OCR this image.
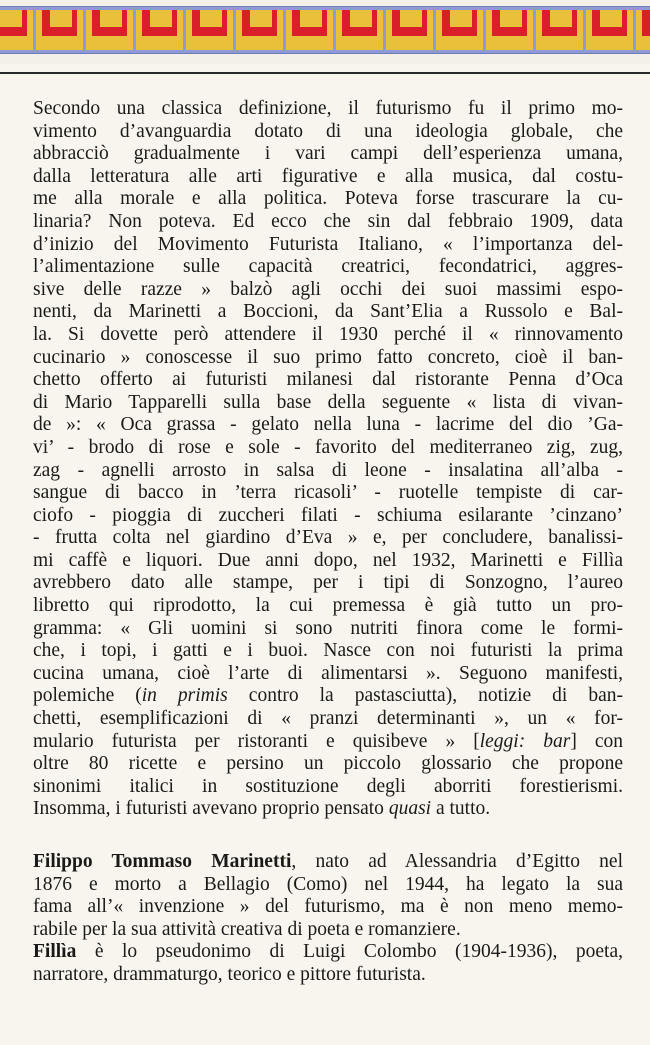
Secondo una classica definizione, il futurismo fu il primo mo-
vimento d’avanguardia dotato di una ideologia globale, che
abbracciò gradualmente i vari campi dell’esperienza umana,
dalla letteratura alle arti figurative e alla musica, dal costu-
me alla morale e alla politica. Poteva forse trascurare la cu-
linaria? Non poteva. Ed ecco che sin dal febbraio 1909, data
d’inizio del Movimento Futurista Italiano, « l’importanza del-
l’alimentazione sulle capacità creatrici, fecondatrici, aggres-
sive delle razze » balzò agli occhi dei suoi massimi espo-
nenti, da Marinetti a Boccioni, da Sant’Elia a Russolo e Bal-
la. Si dovette però attendere il 1930 perché il « rinnovamento
cucinario » conoscesse il suo primo fatto concreto, cioè il ban-
chetto offerto ai futuristi milanesi dal ristorante Penna d’Oca
di Mario Tapparelli sulla base della seguente « lista di vivan-
de »: « Oca grassa - gelato nella luna - lacrime del dio ’Ga-
vi’ - brodo di rose e sole - favorito del mediterraneo zig, zug,
zag - agnelli arrosto in salsa di leone - insalatina all’alba -
sangue di bacco in ’terra ricasoli’ - ruotelle tempiste di car-
ciofo - pioggia di zuccheri filati - schiuma esilarante ’cinzano’
- frutta colta nel giardino d’Eva » e, per concludere, banalissi-
mi caffè e liquori. Due anni dopo, nel 1932, Marinetti e Fillìa
avrebbero dato alle stampe, per i tipi di Sonzogno, l’aureo
libretto qui riprodotto, la cui premessa è già tutto un pro-
gramma: « Gli uomini si sono nutriti finora come le formi-
che, i topi, i gatti e i buoi. Nasce con noi futuristi la prima
cucina umana, cioè l’arte di alimentarsi ». Seguono manifesti,
polemiche (in primis contro la pastasciutta), notizie di ban-
chetti, esemplificazioni di « pranzi determinanti », un « for-
mulario futurista per ristoranti e quisibeve » [leggi: bar] con
oltre 80 ricette e persino un piccolo glossario che propone
sinonimi italici in sostituzione degli aborriti forestierismi.
Insomma, i futuristi avevano proprio pensato quasi a tutto.
Filippo Tommaso Marinetti, nato ad Alessandria d’Egitto nel
1876 e morto a Bellagio (Como) nel 1944, ha legato la sua
fama all’« invenzione » del futurismo, ma è non meno memo-
rabile per la sua attività creativa di poeta e romanziere.
Fillìa è lo pseudonimo di Luigi Colombo (1904-1936), poeta,
narratore, drammaturgo, teorico e pittore futurista.
